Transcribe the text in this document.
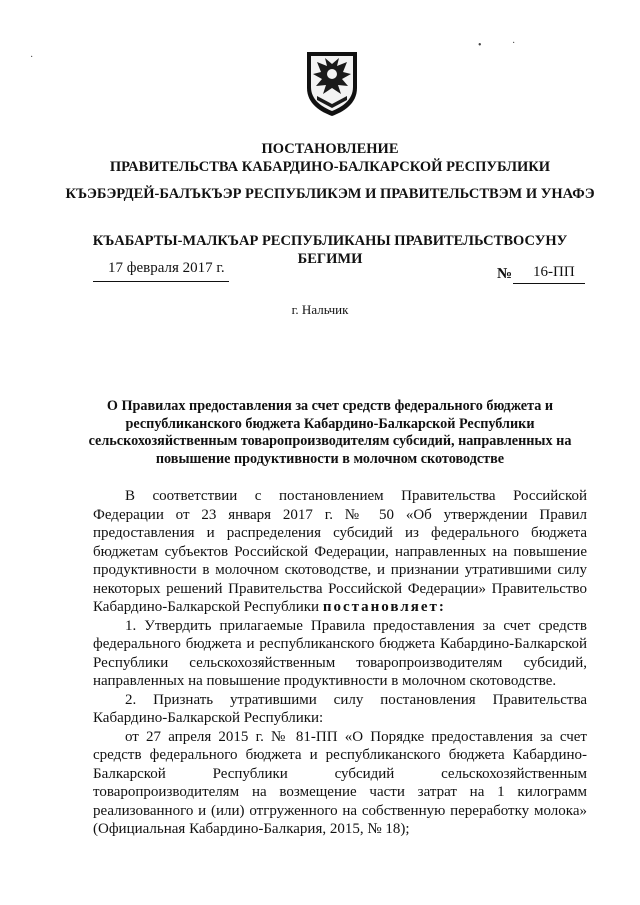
ПОСТАНОВЛЕНИЕ
ПРАВИТЕЛЬСТВА КАБАРДИНО-БАЛКАРСКОЙ РЕСПУБЛИКИ
КЪЭБЭРДЕЙ-БАЛЪКЪЭР РЕСПУБЛИКЭМ И ПРАВИТЕЛЬСТВЭМ И УНАФЭ
КЪАБАРТЫ-МАЛКЪАР РЕСПУБЛИКАНЫ ПРАВИТЕЛЬСТВОСУНУ БЕГИМИ
17 февраля 2017 г.	№ 16-ПП
г. Нальчик
О Правилах предоставления за счет средств федерального бюджета и республиканского бюджета Кабардино-Балкарской Республики сельскохозяйственным товаропроизводителям субсидий, направленных на повышение продуктивности в молочном скотоводстве

В соответствии с постановлением Правительства Российской Федерации от 23 января 2017 г. № 50 «Об утверждении Правил предоставления и распределения субсидий из федерального бюджета бюджетам субъектов Российской Федерации, направленных на повышение продуктивности в молочном скотоводстве, и признании утратившими силу некоторых решений Правительства Российской Федерации» Правительство Кабардино-Балкарской Республики постановляет:

1. Утвердить прилагаемые Правила предоставления за счет средств федерального бюджета и республиканского бюджета Кабардино-Балкарской Республики сельскохозяйственным товаропроизводителям субсидий, направленных на повышение продуктивности в молочном скотоводстве.

2. Признать утратившими силу постановления Правительства Кабардино-Балкарской Республики:

от 27 апреля 2015 г. № 81-ПП «О Порядке предоставления за счет средств федерального бюджета и республиканского бюджета Кабардино-Балкарской Республики субсидий сельскохозяйственным товаропроизводителям на возмещение части затрат на 1 килограмм реализованного и (или) отгруженного на собственную переработку молока» (Официальная Кабардино-Балкария, 2015, № 18);

•	·
·
